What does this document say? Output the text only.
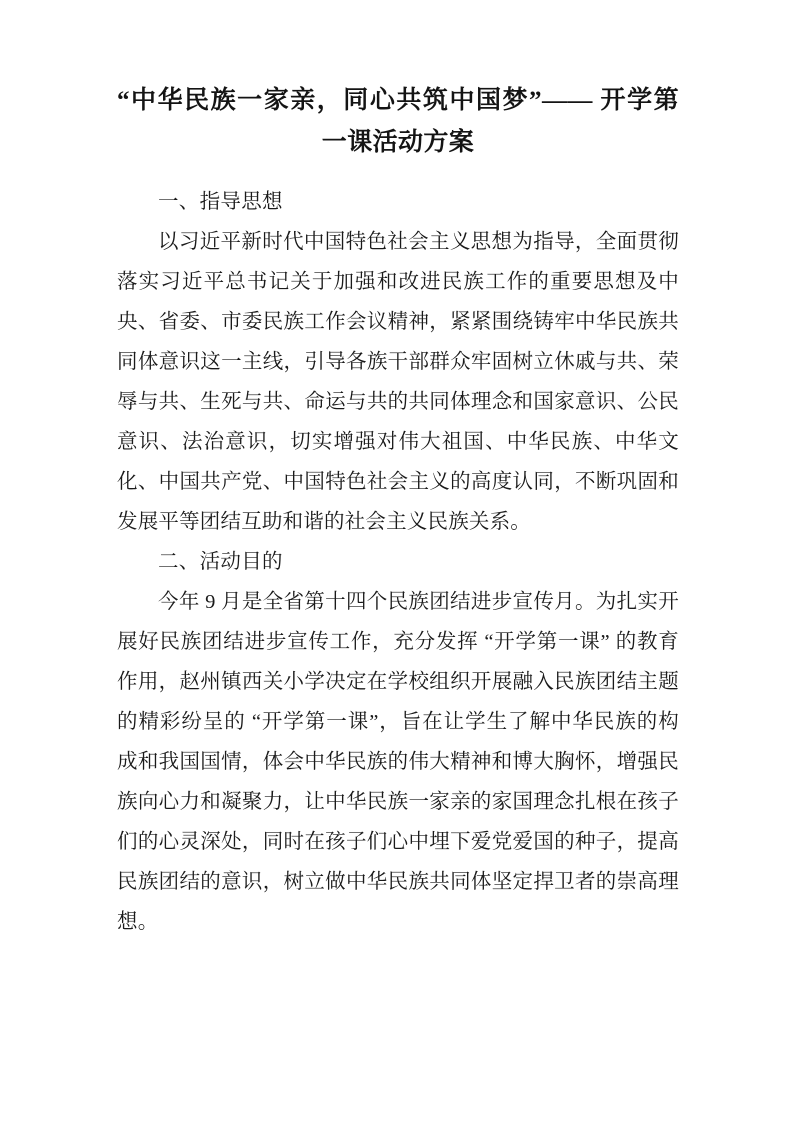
“中华民族一家亲，同心共筑中国梦”—— 开学第一课活动方案
一、指导思想

以习近平新时代中国特色社会主义思想为指导，全面贯彻落实习近平总书记关于加强和改进民族工作的重要思想及中央、省委、市委民族工作会议精神，紧紧围绕铸牢中华民族共同体意识这一主线，引导各族干部群众牢固树立休戚与共、荣辱与共、生死与共、命运与共的共同体理念和国家意识、公民意识、法治意识，切实增强对伟大祖国、中华民族、中华文化、中国共产党、中国特色社会主义的高度认同，不断巩固和发展平等团结互助和谐的社会主义民族关系。

二、活动目的

今年 9 月是全省第十四个民族团结进步宣传月。为扎实开展好民族团结进步宣传工作，充分发挥 “开学第一课” 的教育作用，赵州镇西关小学决定在学校组织开展融入民族团结主题的精彩纷呈的 “开学第一课”，旨在让学生了解中华民族的构成和我国国情，体会中华民族的伟大精神和博大胸怀，增强民族向心力和凝聚力，让中华民族一家亲的家国理念扎根在孩子们的心灵深处，同时在孩子们心中埋下爱党爱国的种子，提高民族团结的意识，树立做中华民族共同体坚定捍卫者的崇高理想。
